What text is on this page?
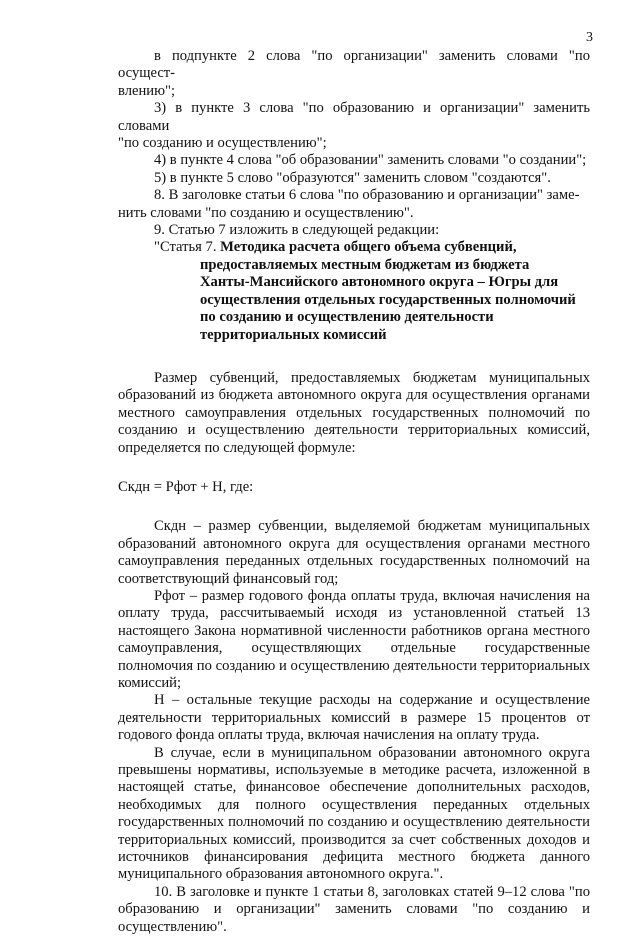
3

в подпункте 2 слова "по организации" заменить словами "по осущест-

влению";

3) в пункте 3 слова "по образованию и организации" заменить словами

"по созданию и осуществлению";

4) в пункте 4 слова "об образовании" заменить словами "о создании";

5) в пункте 5 слово "образуются" заменить словом "создаются".

8. В заголовке статьи 6 слова "по образованию и организации" заме-

нить словами "по созданию и осуществлению".

9. Статью 7 изложить в следующей редакции:

"Статья 7. Методика расчета общего объема субвенций,

предоставляемых местным бюджетам из бюджета

Ханты-Мансийского автономного округа – Югры для

осуществления отдельных государственных полномочий

по созданию и осуществлению деятельности

территориальных комиссий

Размер субвенций, предоставляемых бюджетам муниципальных образований из бюджета автономного округа для осуществления органами местного самоуправления отдельных государственных полномочий по созданию и осуществлению деятельности территориальных комиссий, определяется по следующей формуле:

Скдн = Рфот + Н, где:

Скдн – размер субвенции, выделяемой бюджетам муниципальных образований автономного округа для осуществления органами местного самоуправления переданных отдельных государственных полномочий на соответствующий финансовый год;

Рфот – размер годового фонда оплаты труда, включая начисления на оплату труда, рассчитываемый исходя из установленной статьей 13 настоящего Закона нормативной численности работников органа местного самоуправления, осуществляющих отдельные государственные полномочия по созданию и осуществлению деятельности территориальных комиссий;

Н – остальные текущие расходы на содержание и осуществление деятельности территориальных комиссий в размере 15 процентов от годового фонда оплаты труда, включая начисления на оплату труда.

В случае, если в муниципальном образовании автономного округа превышены нормативы, используемые в методике расчета, изложенной в настоящей статье, финансовое обеспечение дополнительных расходов, необходимых для полного осуществления переданных отдельных государственных полномочий по созданию и осуществлению деятельности территориальных комиссий, производится за счет собственных доходов и источников финансирования дефицита местного бюджета данного муниципального образования автономного округа.".

10. В заголовке и пункте 1 статьи 8, заголовках статей 9–12 слова "по образованию и организации" заменить словами "по созданию и осуществлению".
